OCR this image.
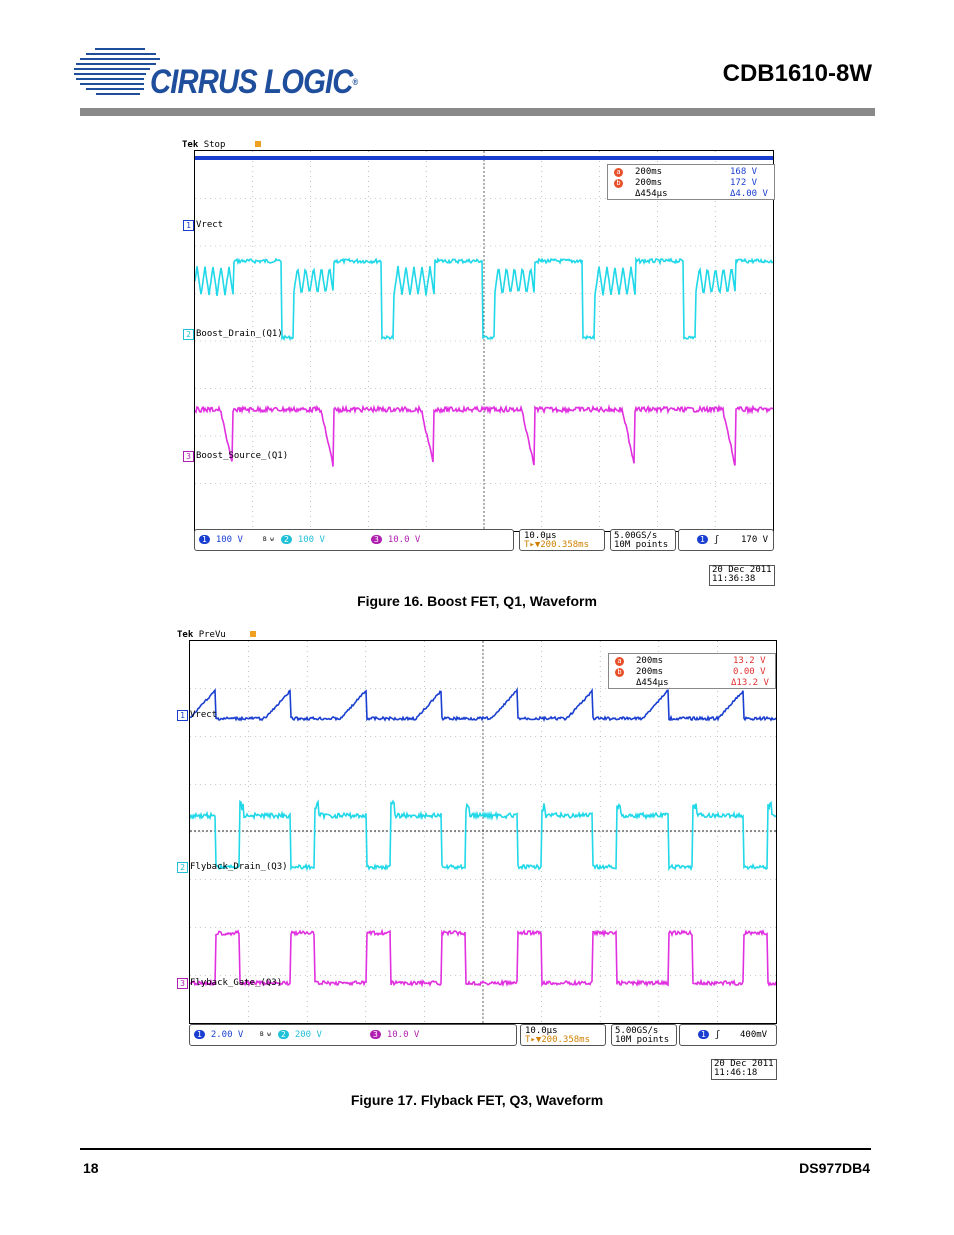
CIRRUS LOGIC®	CDB1610-8W
Tek Stop
a 200ms	168 V
b 200ms	172 V
Δ454μs	Δ4.00 V
1 Vrect
2 Boost_Drain_(Q1)
3 Boost_Source_(Q1)
1 100 V	B w	2 100 V	3 10.0 V	10.0μs
T▸▼200.358ms
5.00GS/s
10M points
1 ʃ 170 V
20 Dec 2011
11:36:38
Figure 16. Boost FET, Q1, Waveform
Tek PreVu
a 200ms	13.2 V
b 200ms	0.00 V
Δ454μs	Δ13.2 V
1 Vrect
2 Flyback_Drain_(Q3)
3 Flyback_Gate_(Q3)
1 2.00 V	B w	2 200 V	3 10.0 V	10.0μs
T▸▼200.358ms
5.00GS/s
10M points
1 ʃ 400mV
20 Dec 2011
11:46:18
Figure 17. Flyback FET, Q3, Waveform
18	DS977DB4
